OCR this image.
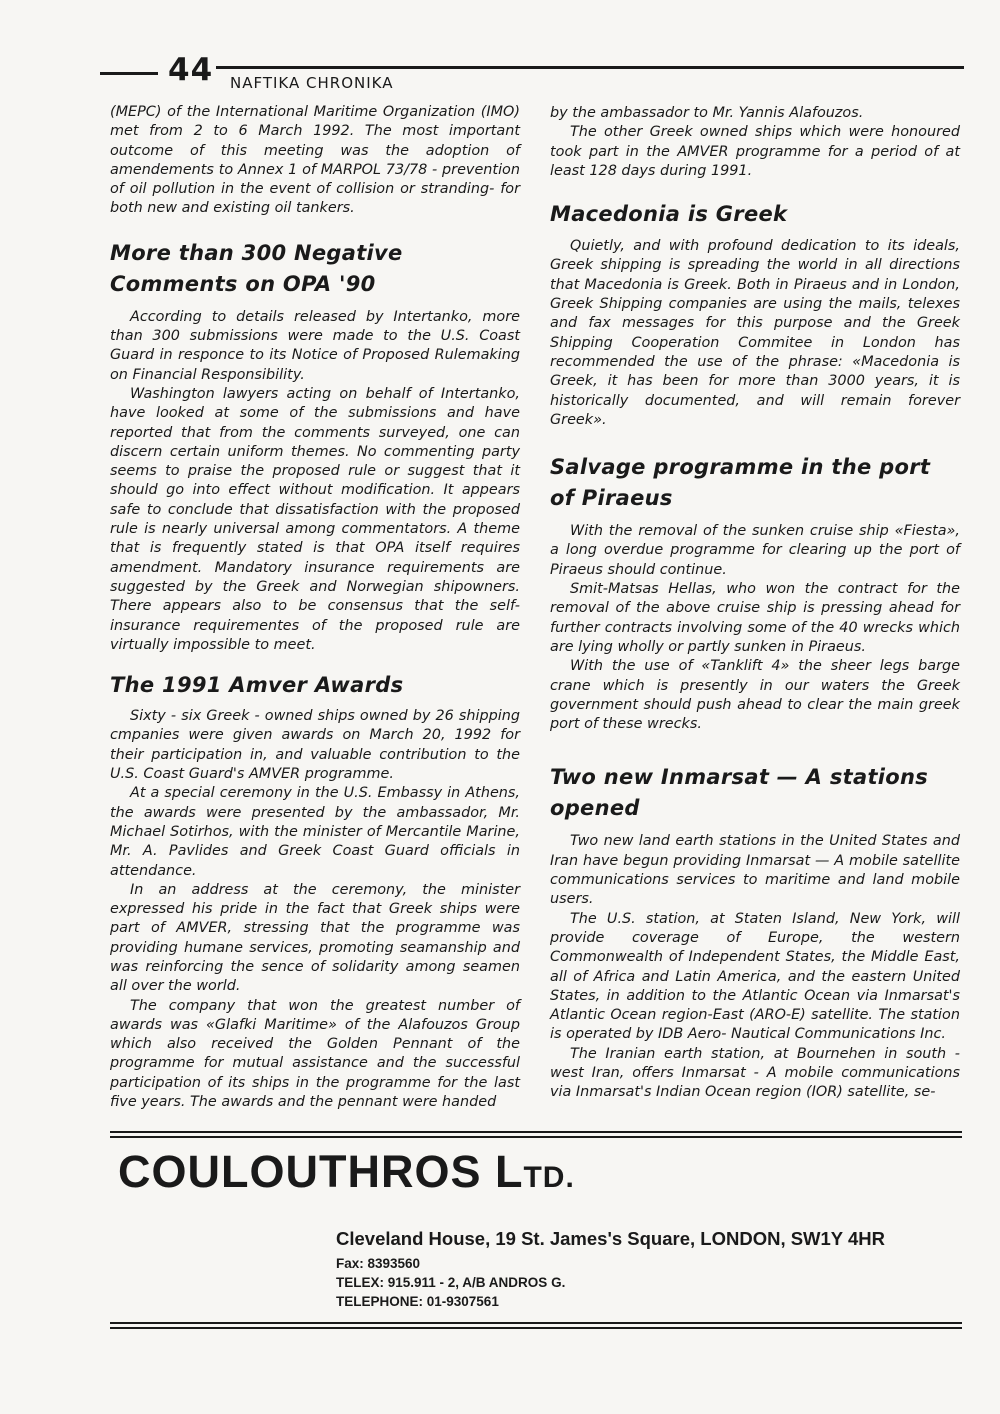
44 NAFTIKA CHRONIKA

(MEPC) of the International Maritime Organization (IMO) met from 2 to 6 March 1992. The most important outcome of this meeting was the adoption of amendements to Annex 1 of MARPOL 73/78 - prevention of oil pollution in the event of collision or stranding- for both new and existing oil tankers.

More than 300 Negative Comments on OPA '90

According to details released by Intertanko, more than 300 submissions were made to the U.S. Coast Guard in responce to its Notice of Proposed Rulemaking on Financial Responsibility.

Washington lawyers acting on behalf of Intertanko, have looked at some of the submissions and have reported that from the comments surveyed, one can discern certain uniform themes. No commenting party seems to praise the proposed rule or suggest that it should go into effect without modification. It appears safe to conclude that dissatisfaction with the proposed rule is nearly universal among commentators. A theme that is frequently stated is that OPA itself requires amendment. Mandatory insurance requirements are suggested by the Greek and Norwegian shipowners. There appears also to be consensus that the self-insurance requirementes of the proposed rule are virtually impossible to meet.

The 1991 Amver Awards

Sixty - six Greek - owned ships owned by 26 shipping cmpanies were given awards on March 20, 1992 for their participation in, and valuable contribution to the U.S. Coast Guard's AMVER programme.

At a special ceremony in the U.S. Embassy in Athens, the awards were presented by the ambassador, Mr. Michael Sotirhos, with the minister of Mercantile Marine, Mr. A. Pavlides and Greek Coast Guard officials in attendance.

In an address at the ceremony, the minister expressed his pride in the fact that Greek ships were part of AMVER, stressing that the programme was providing humane services, promoting seamanship and was reinforcing the sence of solidarity among seamen all over the world.

The company that won the greatest number of awards was «Glafki Maritime» of the Alafouzos Group which also received the Golden Pennant of the programme for mutual assistance and the successful participation of its ships in the programme for the last five years. The awards and the pennant were handed

by the ambassador to Mr. Yannis Alafouzos.

The other Greek owned ships which were honoured took part in the AMVER programme for a period of at least 128 days during 1991.

Macedonia is Greek

Quietly, and with profound dedication to its ideals, Greek shipping is spreading the world in all directions that Macedonia is Greek. Both in Piraeus and in London, Greek Shipping companies are using the mails, telexes and fax messages for this purpose and the Greek Shipping Cooperation Commitee in London has recommended the use of the phrase: «Macedonia is Greek, it has been for more than 3000 years, it is historically documented, and will remain forever Greek».

Salvage programme in the port of Piraeus

With the removal of the sunken cruise ship «Fiesta», a long overdue programme for clearing up the port of Piraeus should continue.

Smit-Matsas Hellas, who won the contract for the removal of the above cruise ship is pressing ahead for further contracts involving some of the 40 wrecks which are lying wholly or partly sunken in Piraeus.

With the use of «Tanklift 4» the sheer legs barge crane which is presently in our waters the Greek government should push ahead to clear the main greek port of these wrecks.

Two new Inmarsat — A stations opened

Two new land earth stations in the United States and Iran have begun providing Inmarsat — A mobile satellite communications services to maritime and land mobile users.

The U.S. station, at Staten Island, New York, will provide coverage of Europe, the western Commonwealth of Independent States, the Middle East, all of Africa and Latin America, and the eastern United States, in addition to the Atlantic Ocean via Inmarsat's Atlantic Ocean region-East (ARO-E) satellite. The station is operated by IDB Aero- Nautical Communications Inc.

The Iranian earth station, at Bournehen in south - west Iran, offers Inmarsat - A mobile communications via Inmarsat's Indian Ocean region (IOR) satellite, se-

COULOUTHROS LTD.
Cleveland House, 19 St. James's Square, LONDON, SW1Y 4HR
Fax: 8393560
TELEX: 915.911 - 2, A/B ANDROS G.
TELEPHONE: 01-9307561
